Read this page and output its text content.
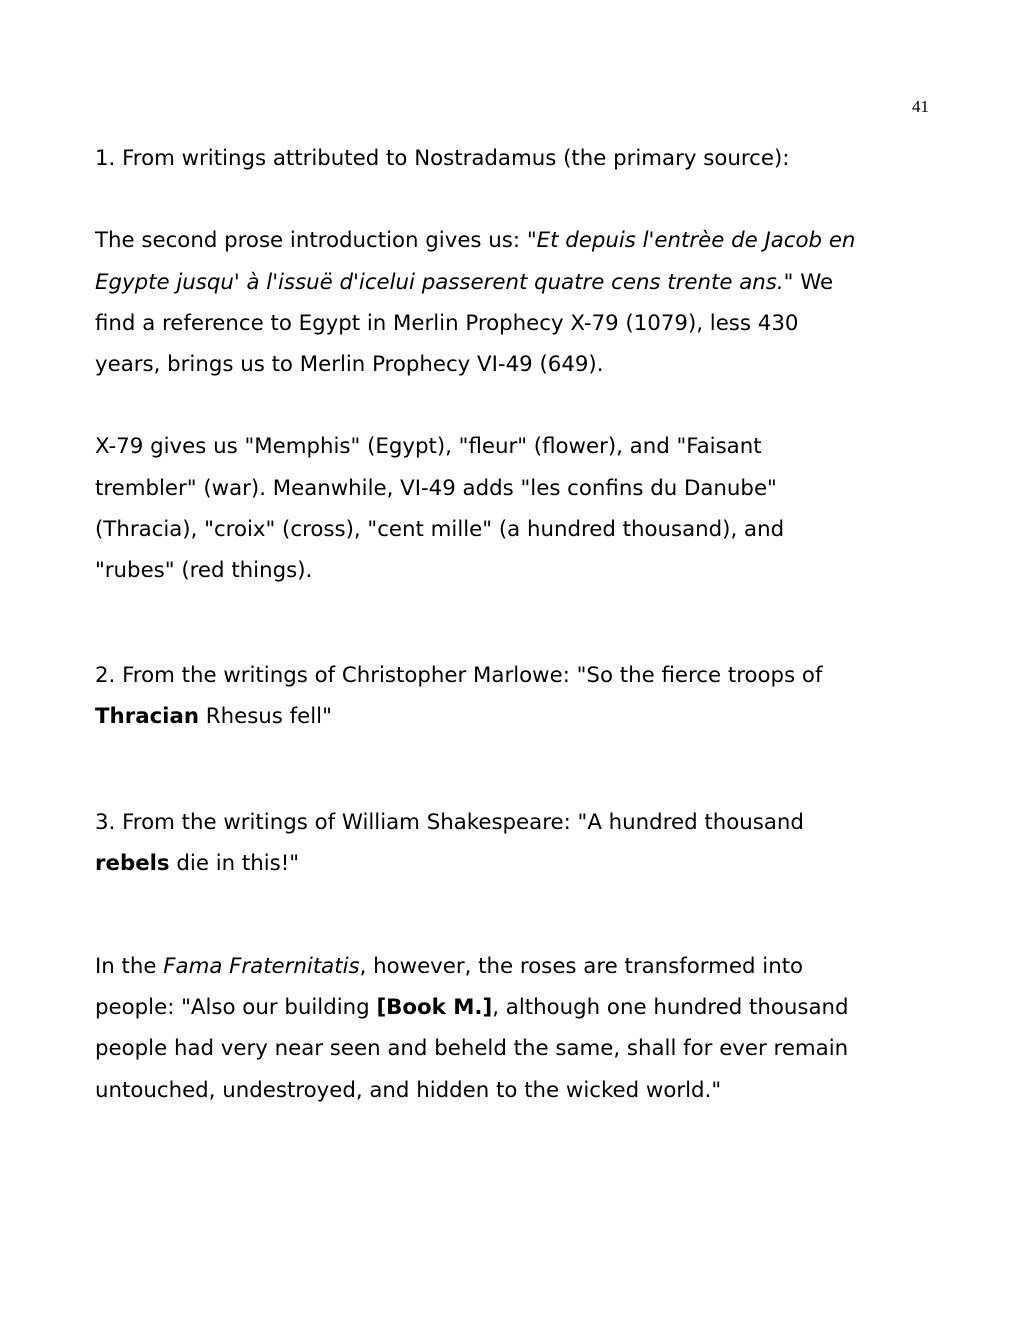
41

1. From writings attributed to Nostradamus (the primary source):

The second prose introduction gives us: "Et depuis l'entrèe de Jacob en
Egypte jusqu' à l'issuë d'icelui passerent quatre cens trente ans." We
find a reference to Egypt in Merlin Prophecy X-79 (1079), less 430
years, brings us to Merlin Prophecy VI-49 (649).

X-79 gives us "Memphis" (Egypt), "fleur" (flower), and "Faisant
trembler" (war). Meanwhile, VI-49 adds "les confins du Danube"
(Thracia), "croix" (cross), "cent mille" (a hundred thousand), and
"rubes" (red things).

2. From the writings of Christopher Marlowe: "So the fierce troops of
Thracian Rhesus fell"

3. From the writings of William Shakespeare: "A hundred thousand
rebels die in this!"

In the Fama Fraternitatis, however, the roses are transformed into
people: "Also our building [Book M.], although one hundred thousand
people had very near seen and beheld the same, shall for ever remain
untouched, undestroyed, and hidden to the wicked world."
